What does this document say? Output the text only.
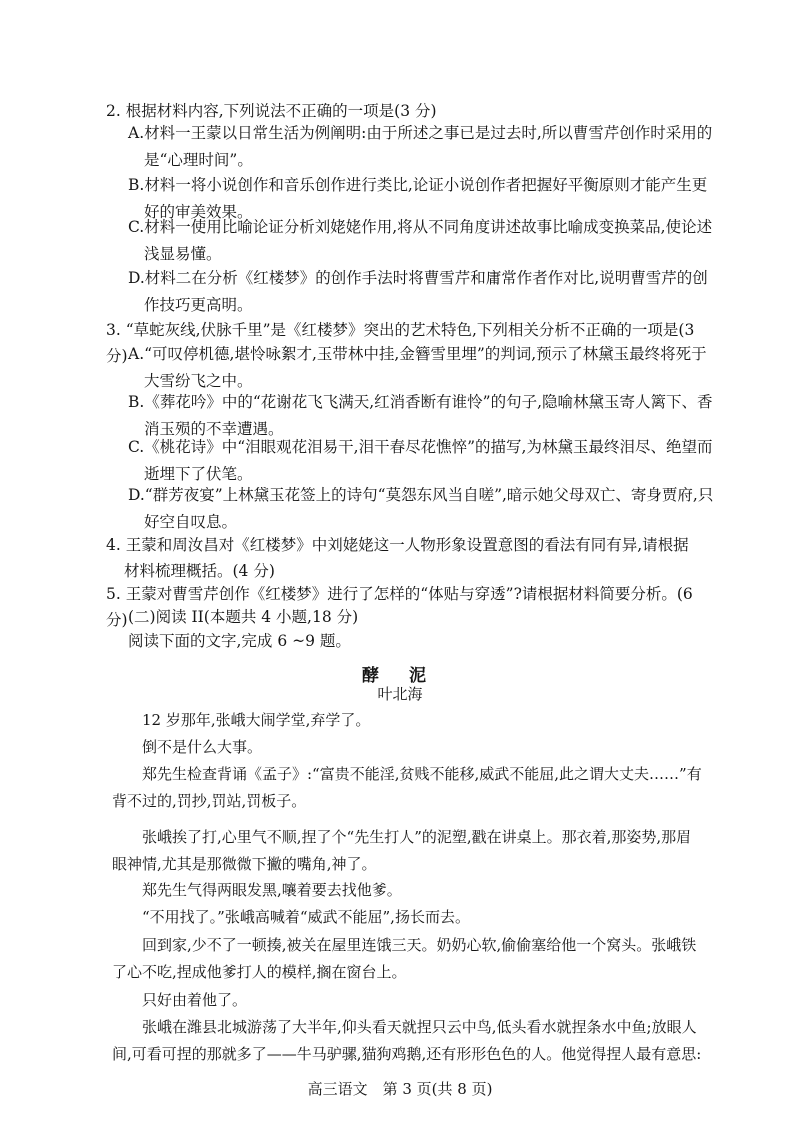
2. 根据材料内容,下列说法不正确的一项是(3 分)
A.材料一王蒙以日常生活为例阐明:由于所述之事已是过去时,所以曹雪芹创作时采用的是“心理时间”。
B.材料一将小说创作和音乐创作进行类比,论证小说创作者把握好平衡原则才能产生更好的审美效果。
C.材料一使用比喻论证分析刘姥姥作用,将从不同角度讲述故事比喻成变换菜品,使论述浅显易懂。
D.材料二在分析《红楼梦》的创作手法时将曹雪芹和庸常作者作对比,说明曹雪芹的创作技巧更高明。
3. “草蛇灰线,伏脉千里”是《红楼梦》突出的艺术特色,下列相关分析不正确的一项是(3 分) A.“可叹停机德,堪怜咏絮才,玉带林中挂,金簪雪里埋”的判词,预示了林黛玉最终将死于大雪纷飞之中。
B.《葬花吟》中的“花谢花飞飞满天,红消香断有谁怜”的句子,隐喻林黛玉寄人篱下、香消玉殒的不幸遭遇。
C.《桃花诗》中“泪眼观花泪易干,泪干春尽花憔悴”的描写,为林黛玉最终泪尽、绝望而逝埋下了伏笔。
D.“群芳夜宴”上林黛玉花签上的诗句“莫怨东风当自嗟”,暗示她父母双亡、寄身贾府,只好空自叹息。
4. 王蒙和周汝昌对《红楼梦》中刘姥姥这一人物形象设置意图的看法有同有异,请根据材料梳理概括。(4 分)
5. 王蒙对曹雪芹创作《红楼梦》进行了怎样的“体贴与穿透”?请根据材料简要分析。(6 分) (二)阅读 II(本题共 4 小题,18 分)
阅读下面的文字,完成 6 ~9 题。
酵 泥
叶北海
12 岁那年,张峨大闹学堂,弃学了。
倒不是什么大事。
郑先生检查背诵《孟子》:“富贵不能淫,贫贱不能移,威武不能屈,此之谓大丈夫……”有背不过的,罚抄,罚站,罚板子。
张峨挨了打,心里气不顺,捏了个“先生打人”的泥塑,戳在讲桌上。那衣着,那姿势,那眉眼神情,尤其是那微微下撇的嘴角,神了。
郑先生气得两眼发黑,嚷着要去找他爹。
“不用找了。”张峨高喊着“威武不能屈”,扬长而去。
回到家,少不了一顿揍,被关在屋里连饿三天。奶奶心软,偷偷塞给他一个窝头。张峨铁了心不吃,捏成他爹打人的模样,搁在窗台上。
只好由着他了。
张峨在潍县北城游荡了大半年,仰头看天就捏只云中鸟,低头看水就捏条水中鱼;放眼人间,可看可捏的那就多了——牛马驴骡,猫狗鸡鹅,还有形形色色的人。他觉得捏人最有意思:
高三语文　第 3 页(共 8 页)
